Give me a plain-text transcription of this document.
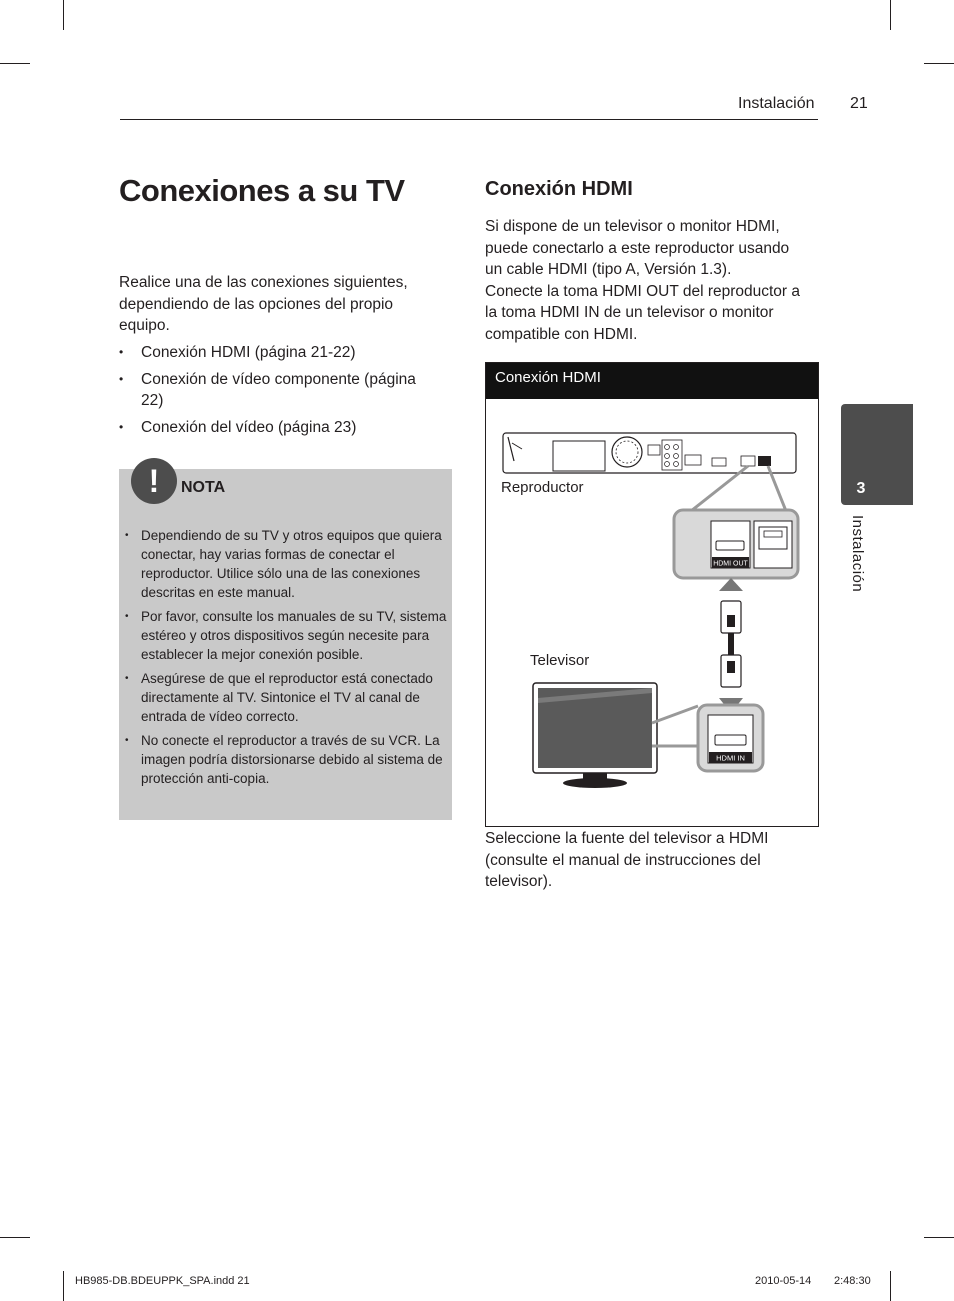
Instalación 21
Conexiones a su TV

Realice una de las conexiones siguientes, dependiendo de las opciones del propio equipo.

• Conexión HDMI (página 21-22)
• Conexión de vídeo componente (página 22)
• Conexión del vídeo (página 23)
!	NOTA
• Dependiendo de su TV y otros equipos que quiera conectar, hay varias formas de conectar el reproductor. Utilice sólo una de las conexiones descritas en este manual.
• Por favor, consulte los manuales de su TV, sistema estéreo y otros dispositivos según necesite para establecer la mejor conexión posible.
• Asegúrese de que el reproductor está conectado directamente al TV. Sintonice el TV al canal de entrada de vídeo correcto.
• No conecte el reproductor a través de su VCR. La imagen podría distorsionarse debido al sistema de protección anti-copia.
Conexión HDMI
Si dispone de un televisor o monitor HDMI, puede conectarlo a este reproductor usando un cable HDMI (tipo A, Versión 1.3).
Conecte la toma HDMI OUT del reproductor a la toma HDMI IN de un televisor o monitor compatible con HDMI.
Conexión HDMI
HDMI OUT
HDMI IN
Reproductor
Televisor

Seleccione la fuente del televisor a HDMI (consulte el manual de instrucciones del televisor).

3
Instalación
HB985-DB.BDEUPPK_SPA.indd 21	2010-05-14 2:48:30
